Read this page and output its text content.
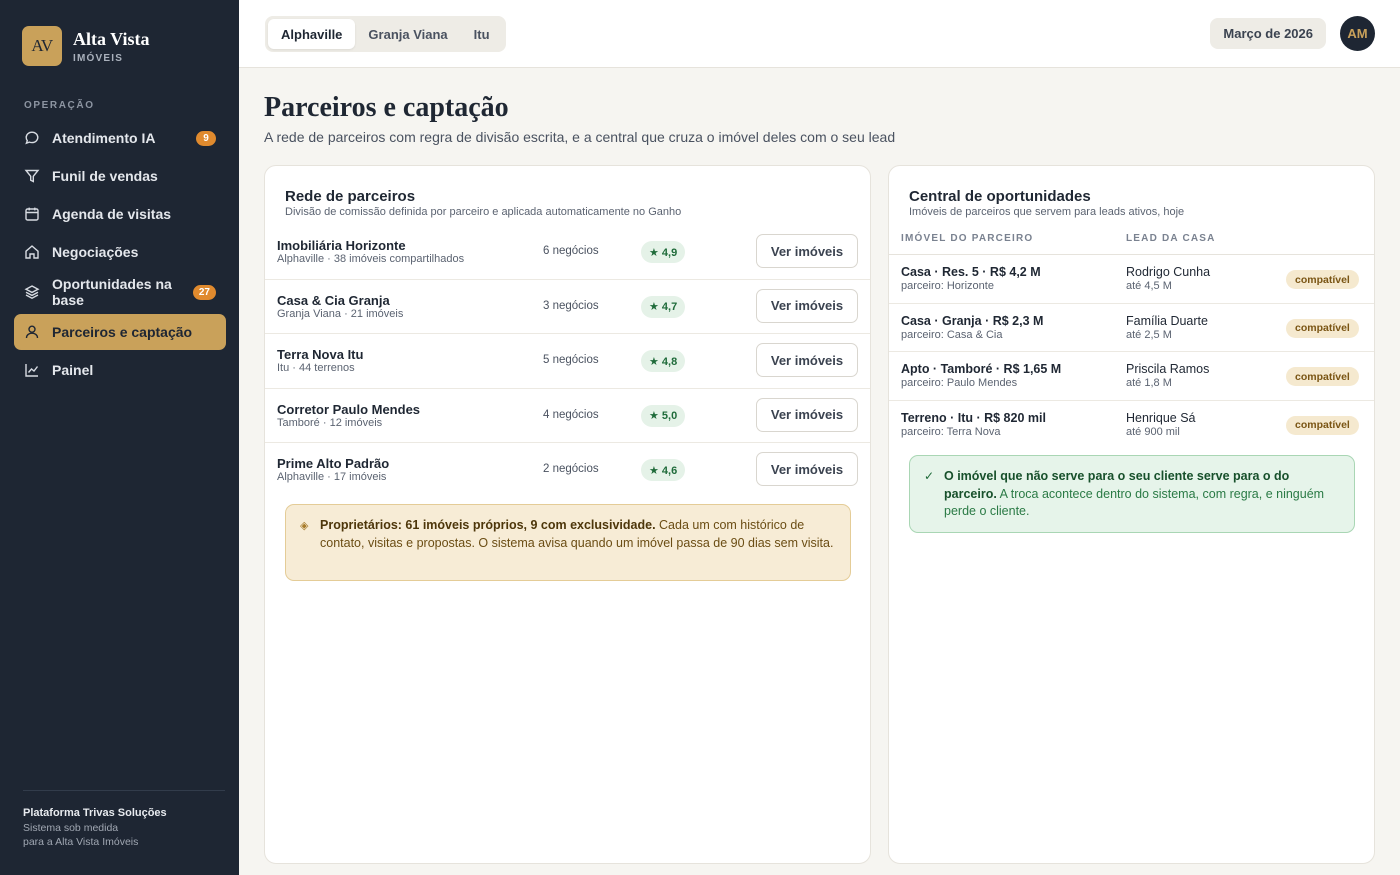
AV	Alta Vista
IMÓVEIS
OPERAÇÃO
Atendimento IA	9
Funil de vendas
Agenda de visitas
Negociações
Oportunidades na base	27
Parceiros e captação
Painel
Plataforma Trivas Soluções
Sistema sob medida
para a Alta Vista Imóveis
Alphaville	Granja Viana	Itu	Março de 2026	AM
Parceiros e captação

A rede de parceiros com regra de divisão escrita, e a central que cruza o imóvel deles com o seu lead

Rede de parceiros
Divisão de comissão definida por parceiro e aplicada automaticamente no Ganho
Imobiliária Horizonte
Alphaville · 38 imóveis compartilhados
6 negócios	★ 4,9	Ver imóveis
Casa & Cia Granja
Granja Viana · 21 imóveis
3 negócios	★ 4,7	Ver imóveis
Terra Nova Itu
Itu · 44 terrenos
5 negócios	★ 4,8	Ver imóveis
Corretor Paulo Mendes
Tamboré · 12 imóveis
4 negócios	★ 5,0	Ver imóveis
Prime Alto Padrão
Alphaville · 17 imóveis
2 negócios	★ 4,6	Ver imóveis
◈ Proprietários: 61 imóveis próprios, 9 com exclusividade. Cada um com histórico de contato, visitas e propostas. O sistema avisa quando um imóvel passa de 90 dias sem visita.
Central de oportunidades
Imóveis de parceiros que servem para leads ativos, hoje
IMÓVEL DO PARCEIRO	LEAD DA CASA
Casa · Res. 5 · R$ 4,2 M
parceiro: Horizonte
Rodrigo Cunha
até 4,5 M
compatível
Casa · Granja · R$ 2,3 M
parceiro: Casa & Cia
Família Duarte
até 2,5 M
compatível
Apto · Tamboré · R$ 1,65 M
parceiro: Paulo Mendes
Priscila Ramos
até 1,8 M
compatível
Terreno · Itu · R$ 820 mil
parceiro: Terra Nova
Henrique Sá
até 900 mil
compatível
✓ O imóvel que não serve para o seu cliente serve para o do parceiro. A troca acontece dentro do sistema, com regra, e ninguém perde o cliente.
